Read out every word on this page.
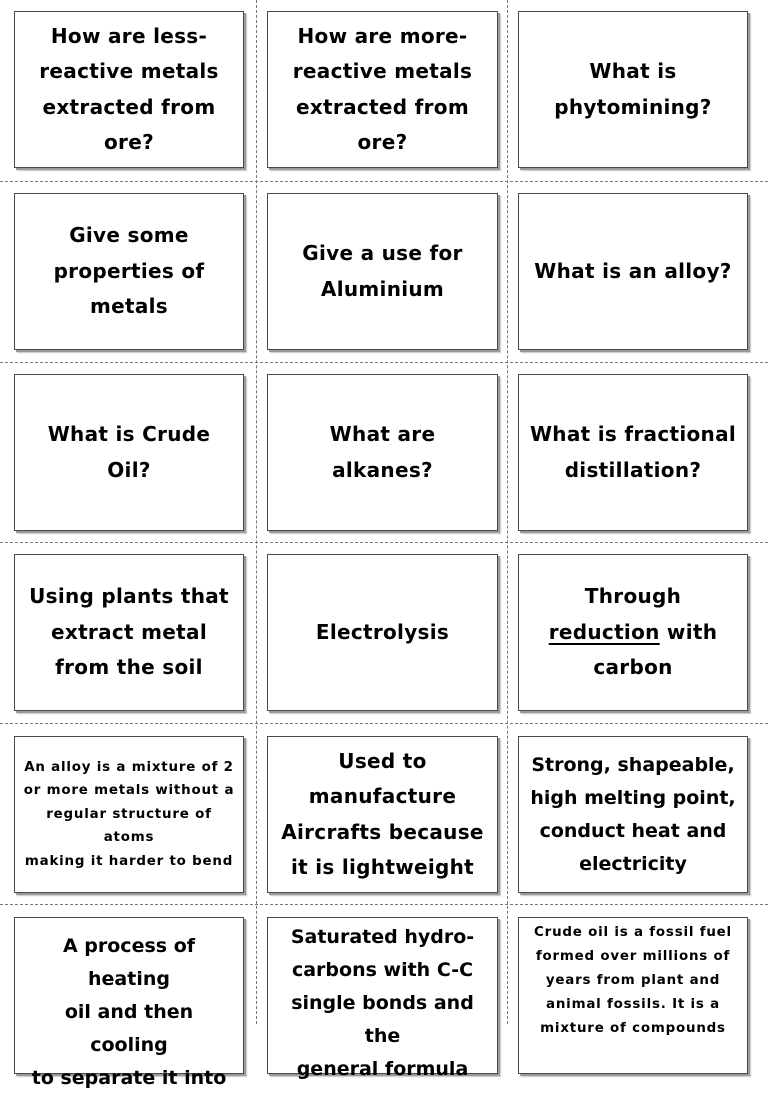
How are less-
reactive metals
extracted from
ore?
How are more-
reactive metals
extracted from
ore?
What is
phytomining?
Give some
properties of
metals
Give a use for
Aluminium
What is an alloy?
What is Crude
Oil?
What are
alkanes?
What is fractional
distillation?
Using plants that
extract metal
from the soil
Electrolysis
Through
reduction with
carbon
An alloy is a mixture of 2
or more metals without a
regular structure of atoms
making it harder to bend
Used to
manufacture
Aircrafts because
it is lightweight
Strong, shapeable,
high melting point,
conduct heat and
electricity
A process of heating
oil and then cooling
to separate it into
Saturated hydro-
carbons with C-C
single bonds and the
general formula
Crude oil is a fossil fuel
formed over millions of
years from plant and
animal fossils. It is a
mixture of compounds
